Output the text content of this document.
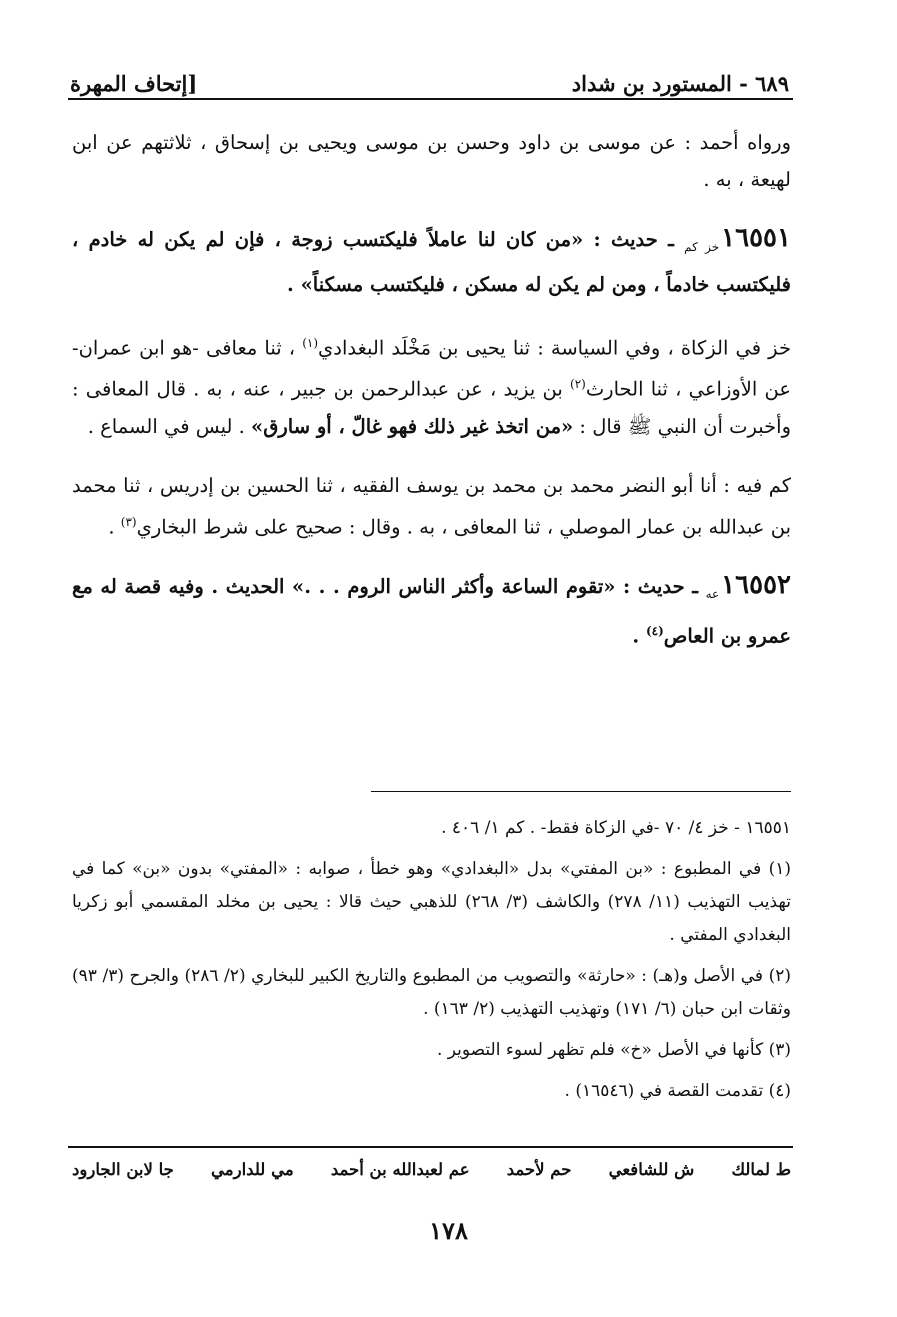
٦٨٩ - المستورد بن شداد
[إتحاف المهرة

ورواه أحمد : عن موسى بن داود وحسن بن موسى ويحيى بن إسحاق ، ثلاثتهم عن ابن لهيعة ، به .

$١٦٥٥١_{خز كم}$ ـ حديث : «من كان لنا عاملاً فليكتسب زوجة ، فإن لم يكن له خادم ، فليكتسب خادماً ، ومن لم يكن له مسكن ، فليكتسب مسكناً» .

خز في الزكاة ، وفي السياسة : ثنا يحيى بن مَخْلَد البغدادي$^{(١)}$ ، ثنا معافى -هو ابن عمران- عن الأوزاعي ، ثنا الحارث$^{(٢)}$ بن يزيد ، عن عبدالرحمن بن جبير ، عنه ، به . قال المعافى : وأخبرت أن النبي ﷺ قال : «من اتخذ غير ذلك فهو غالّ ، أو سارق» . ليس في السماع .

كم فيه : أنا أبو النضر محمد بن محمد بن يوسف الفقيه ، ثنا الحسين بن إدريس ، ثنا محمد بن عبدالله بن عمار الموصلي ، ثنا المعافى ، به . وقال : صحيح على شرط البخاري$^{(٣)}$ .

$١٦٥٥٢_{عه}$ ـ حديث : «تقوم الساعة وأكثر الناس الروم . . .» الحديث . وفيه قصة له مع عمرو بن العاص$^{(٤)}$ .

١٦٥٥١ - خز ٤/ ٧٠ -في الزكاة فقط- . كم ١/ ٤٠٦ .

(١) في المطبوع : «بن المفتي» بدل «البغدادي» وهو خطأ ، صوابه : «المفتي» بدون «بن» كما في تهذيب التهذيب (١١/ ٢٧٨) والكاشف (٣/ ٢٦٨) للذهبي حيث قالا : يحيى بن مخلد المقسمي أبو زكريا البغدادي المفتي .

(٢) في الأصل و(هـ) : «حارثة» والتصويب من المطبوع والتاريخ الكبير للبخاري (٢/ ٢٨٦) والجرح (٣/ ٩٣) وثقات ابن حبان (٦/ ١٧١) وتهذيب التهذيب (٢/ ١٦٣) .

(٣) كأنها في الأصل «خ» فلم تظهر لسوء التصوير .

(٤) تقدمت القصة في (١٦٥٤٦) .

ط لمالك
ش للشافعي
حم لأحمد
عم لعبدالله بن أحمد
مي للدارمي
جا لابن الجارود
١٧٨
